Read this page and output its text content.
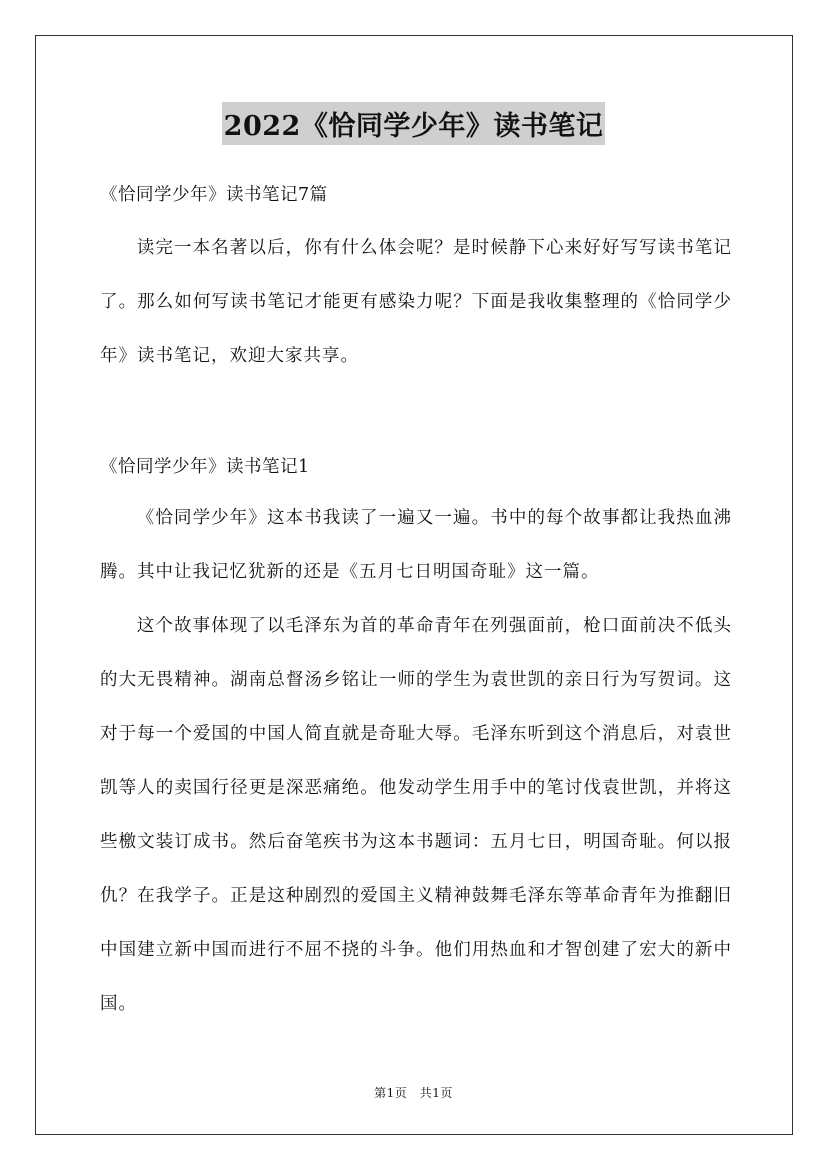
2022《恰同学少年》读书笔记

《恰同学少年》读书笔记7篇

读完一本名著以后，你有什么体会呢？是时候静下心来好好写写读书笔记了。那么如何写读书笔记才能更有感染力呢？下面是我收集整理的《恰同学少年》读书笔记，欢迎大家共享。

《恰同学少年》读书笔记1

《恰同学少年》这本书我读了一遍又一遍。书中的每个故事都让我热血沸腾。其中让我记忆犹新的还是《五月七日明国奇耻》这一篇。

这个故事体现了以毛泽东为首的革命青年在列强面前，枪口面前决不低头的大无畏精神。湖南总督汤乡铭让一师的学生为袁世凯的亲日行为写贺词。这对于每一个爱国的中国人简直就是奇耻大辱。毛泽东听到这个消息后，对袁世凯等人的卖国行径更是深恶痛绝。他发动学生用手中的笔讨伐袁世凯，并将这些檄文装订成书。然后奋笔疾书为这本书题词：五月七日，明国奇耻。何以报仇？在我学子。正是这种剧烈的爱国主义精神鼓舞毛泽东等革命青年为推翻旧中国建立新中国而进行不屈不挠的斗争。他们用热血和才智创建了宏大的新中国。

第1页　共1页
